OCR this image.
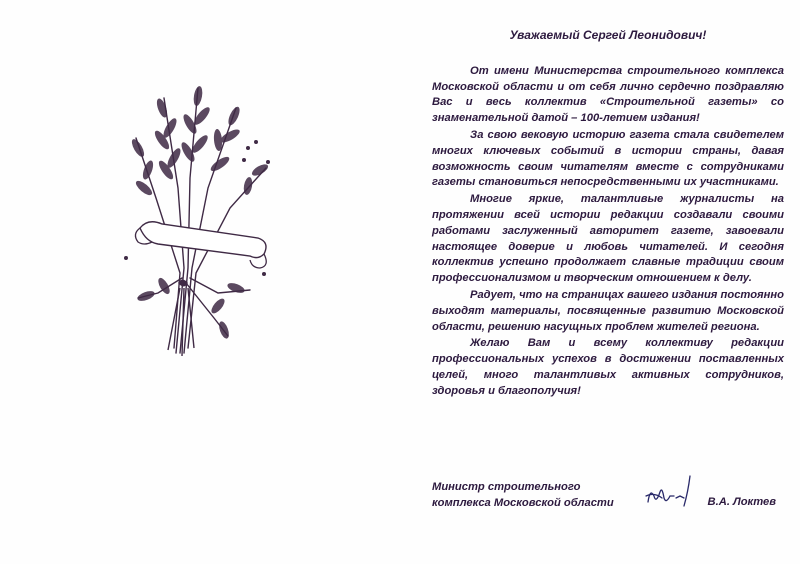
Уважаемый Сергей Леонидович!

От имени Министерства строительного комплекса Московской области и от себя лично сердечно поздравляю Вас и весь коллектив «Строительной газеты» со знаменательной датой – 100-летием издания!

За свою вековую историю газета стала свидетелем многих ключевых событий в истории страны, давая возможность своим читателям вместе с сотрудниками газеты становиться непосредственными их участниками.

Многие яркие, талантливые журналисты на протяжении всей истории редакции создавали своими работами заслуженный авторитет газете, завоевали настоящее доверие и любовь читателей. И сегодня коллектив успешно продолжает славные традиции своим профессионализмом и творческим отношением к делу.

Радует, что на страницах вашего издания постоянно выходят материалы, посвященные развитию Московской области, решению насущных проблем жителей региона.

Желаю Вам и всему коллективу редакции профессиональных успехов в достижении поставленных целей, много талантливых активных сотрудников, здоровья и благополучия!

Министр строительного
комплекса Московской области	В.А. Локтев
